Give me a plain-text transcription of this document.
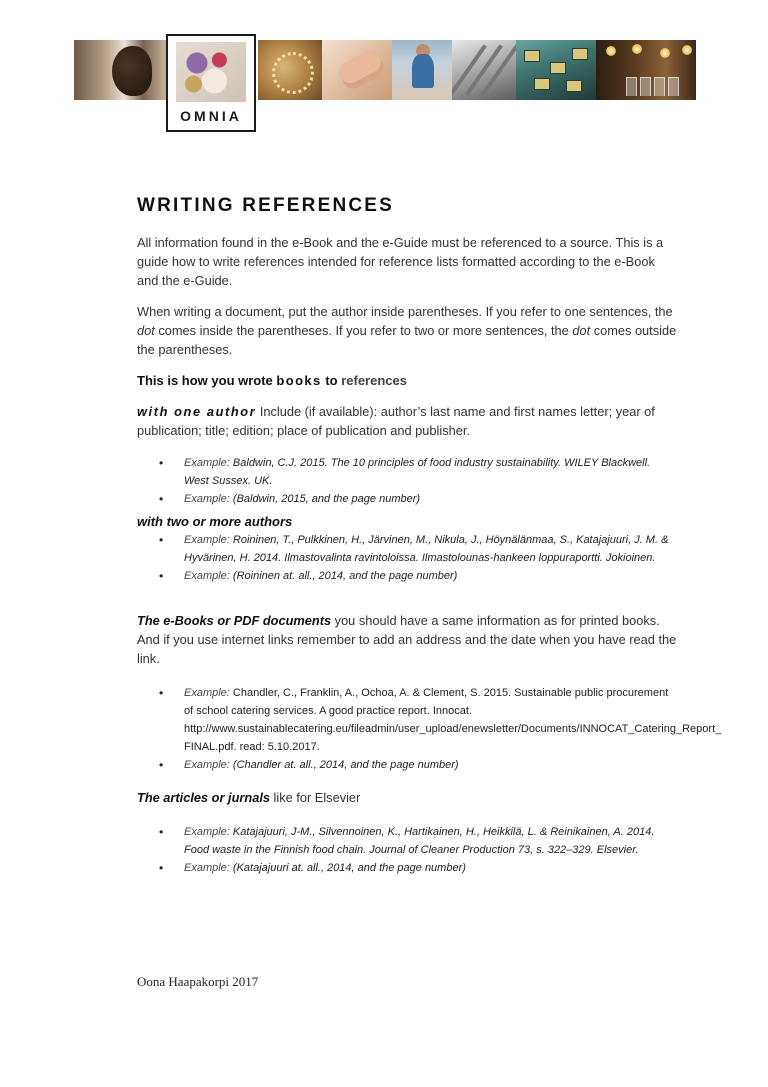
OMNIA
WRITING REFERENCES

All information found in the e-Book and the e-Guide must be referenced to a source. This is a guide how to write references intended for reference lists formatted according to the e-Book and the e-Guide.

When writing a document, put the author inside parentheses. If you refer to one sentences, the dot comes inside the parentheses. If you refer to two or more sentences, the dot comes outside the parentheses.

This is how you wrote books to references

with one author Include (if available): author’s last name and first names letter; year of publication; title; edition; place of publication and publisher.

• Example: Baldwin, C.J. 2015. The 10 principles of food industry sustainability. WILEY Blackwell. West Sussex. UK.
• Example: (Baldwin, 2015, and the page number)
with two or more authors
• Example: Roininen, T., Pulkkinen, H., Järvinen, M., Nikula, J., Höynälänmaa, S., Katajajuuri, J. M. & Hyvärinen, H. 2014. Ilmastovalinta ravintoloissa. Ilmastolounas-hankeen loppuraportti. Jokioinen.
• Example: (Roininen at. all., 2014, and the page number)

The e-Books or PDF documents you should have a same information as for printed books. And if you use internet links remember to add an address and the date when you have read the link.

• Example: Chandler, C., Franklin, A., Ochoa, A. & Clement, S. 2015. Sustainable public procurement of school catering services. A good practice report. Innocat. http://www.sustainablecatering.eu/fileadmin/user_upload/enewsletter/Documents/INNOCAT_Catering_Report_ FINAL.pdf. read: 5.10.2017.
• Example: (Chandler at. all., 2014, and the page number)

The articles or jurnals like for Elsevier

• Example: Katajajuuri, J-M., Silvennoinen, K., Hartikainen, H., Heikkilä, L. & Reinikainen, A. 2014. Food waste in the Finnish food chain. Journal of Cleaner Production 73, s. 322–329. Elsevier.
• Example: (Katajajuuri at. all., 2014, and the page number)
Oona Haapakorpi 2017
